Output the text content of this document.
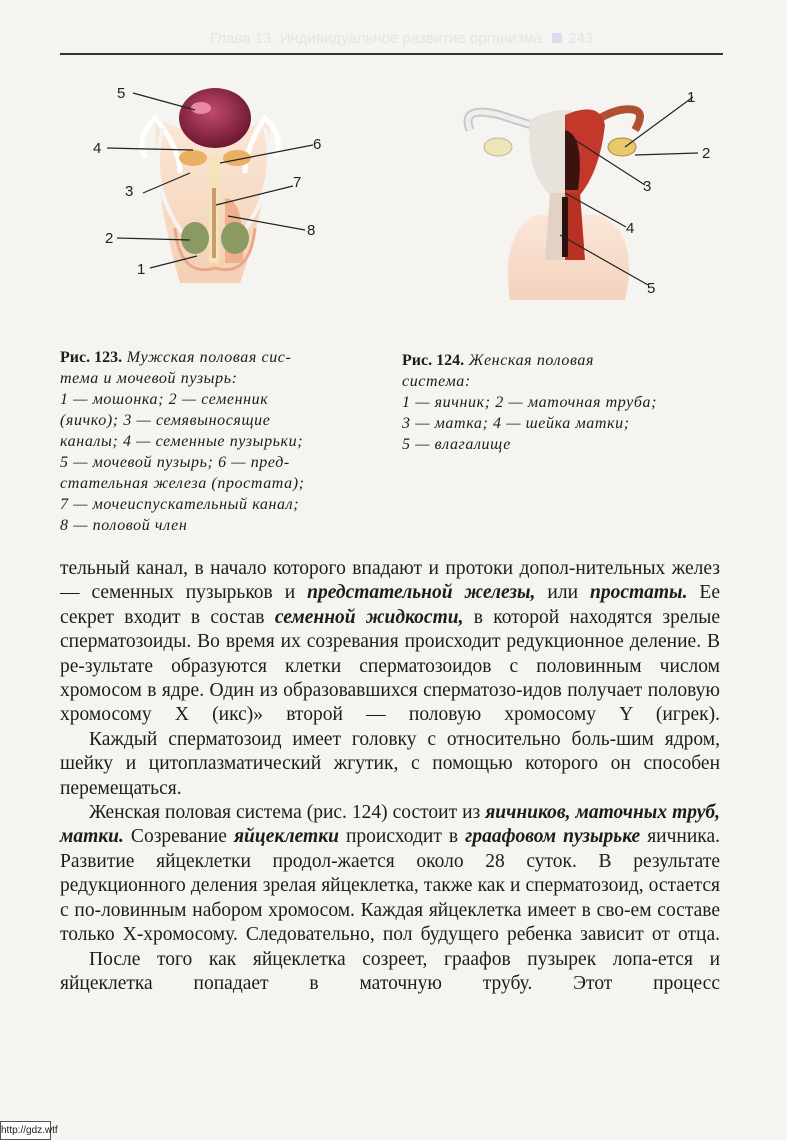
Глава 13. Индивидуальное развитие организма 243
5
4	6
3
7
2	8
1
1
2
3
4
5
Рис. 123. Мужская половая сис-
тема и мочевой пузырь:
1 — мошонка; 2 — семенник
(яичко); 3 — семявыносящие
каналы; 4 — семенные пузырьки;
5 — мочевой пузырь; 6 — пред-
стательная железа (простата);
7 — мочеиспускательный канал;
8 — половой член
Рис. 124. Женская половая
система:
1 — яичник; 2 — маточная труба;
3 — матка; 4 — шейка матки;
5 — влагалище

тельный канал, в начало которого впадают и протоки допол-нительных желез — семенных пузырьков и предстательной железы, или простаты. Ее секрет входит в состав семенной жидкости, в которой находятся зрелые сперматозоиды. Во время их созревания происходит редукционное деление. В ре-зультате образуются клетки сперматозоидов с половинным числом хромосом в ядре. Один из образовавшихся сперматозо-идов получает половую хромосому X (икс)» второй — половую хромосому Y (игрек).

Каждый сперматозоид имеет головку с относительно боль-шим ядром, шейку и цитоплазматический жгутик, с помощью которого он способен перемещаться.

Женская половая система (рис. 124) состоит из яичников, маточных труб, матки. Созревание яйцеклетки происходит в граафовом пузырьке яичника. Развитие яйцеклетки продол-жается около 28 суток. В результате редукционного деления зрелая яйцеклетка, также как и сперматозоид, остается с по-ловинным набором хромосом. Каждая яйцеклетка имеет в сво-ем составе только X-хромосому. Следовательно, пол будущего ребенка зависит от отца.

После того как яйцеклетка созреет, граафов пузырек лопа-ется и яйцеклетка попадает в маточную трубу. Этот процесс

http://gdz.wtf
